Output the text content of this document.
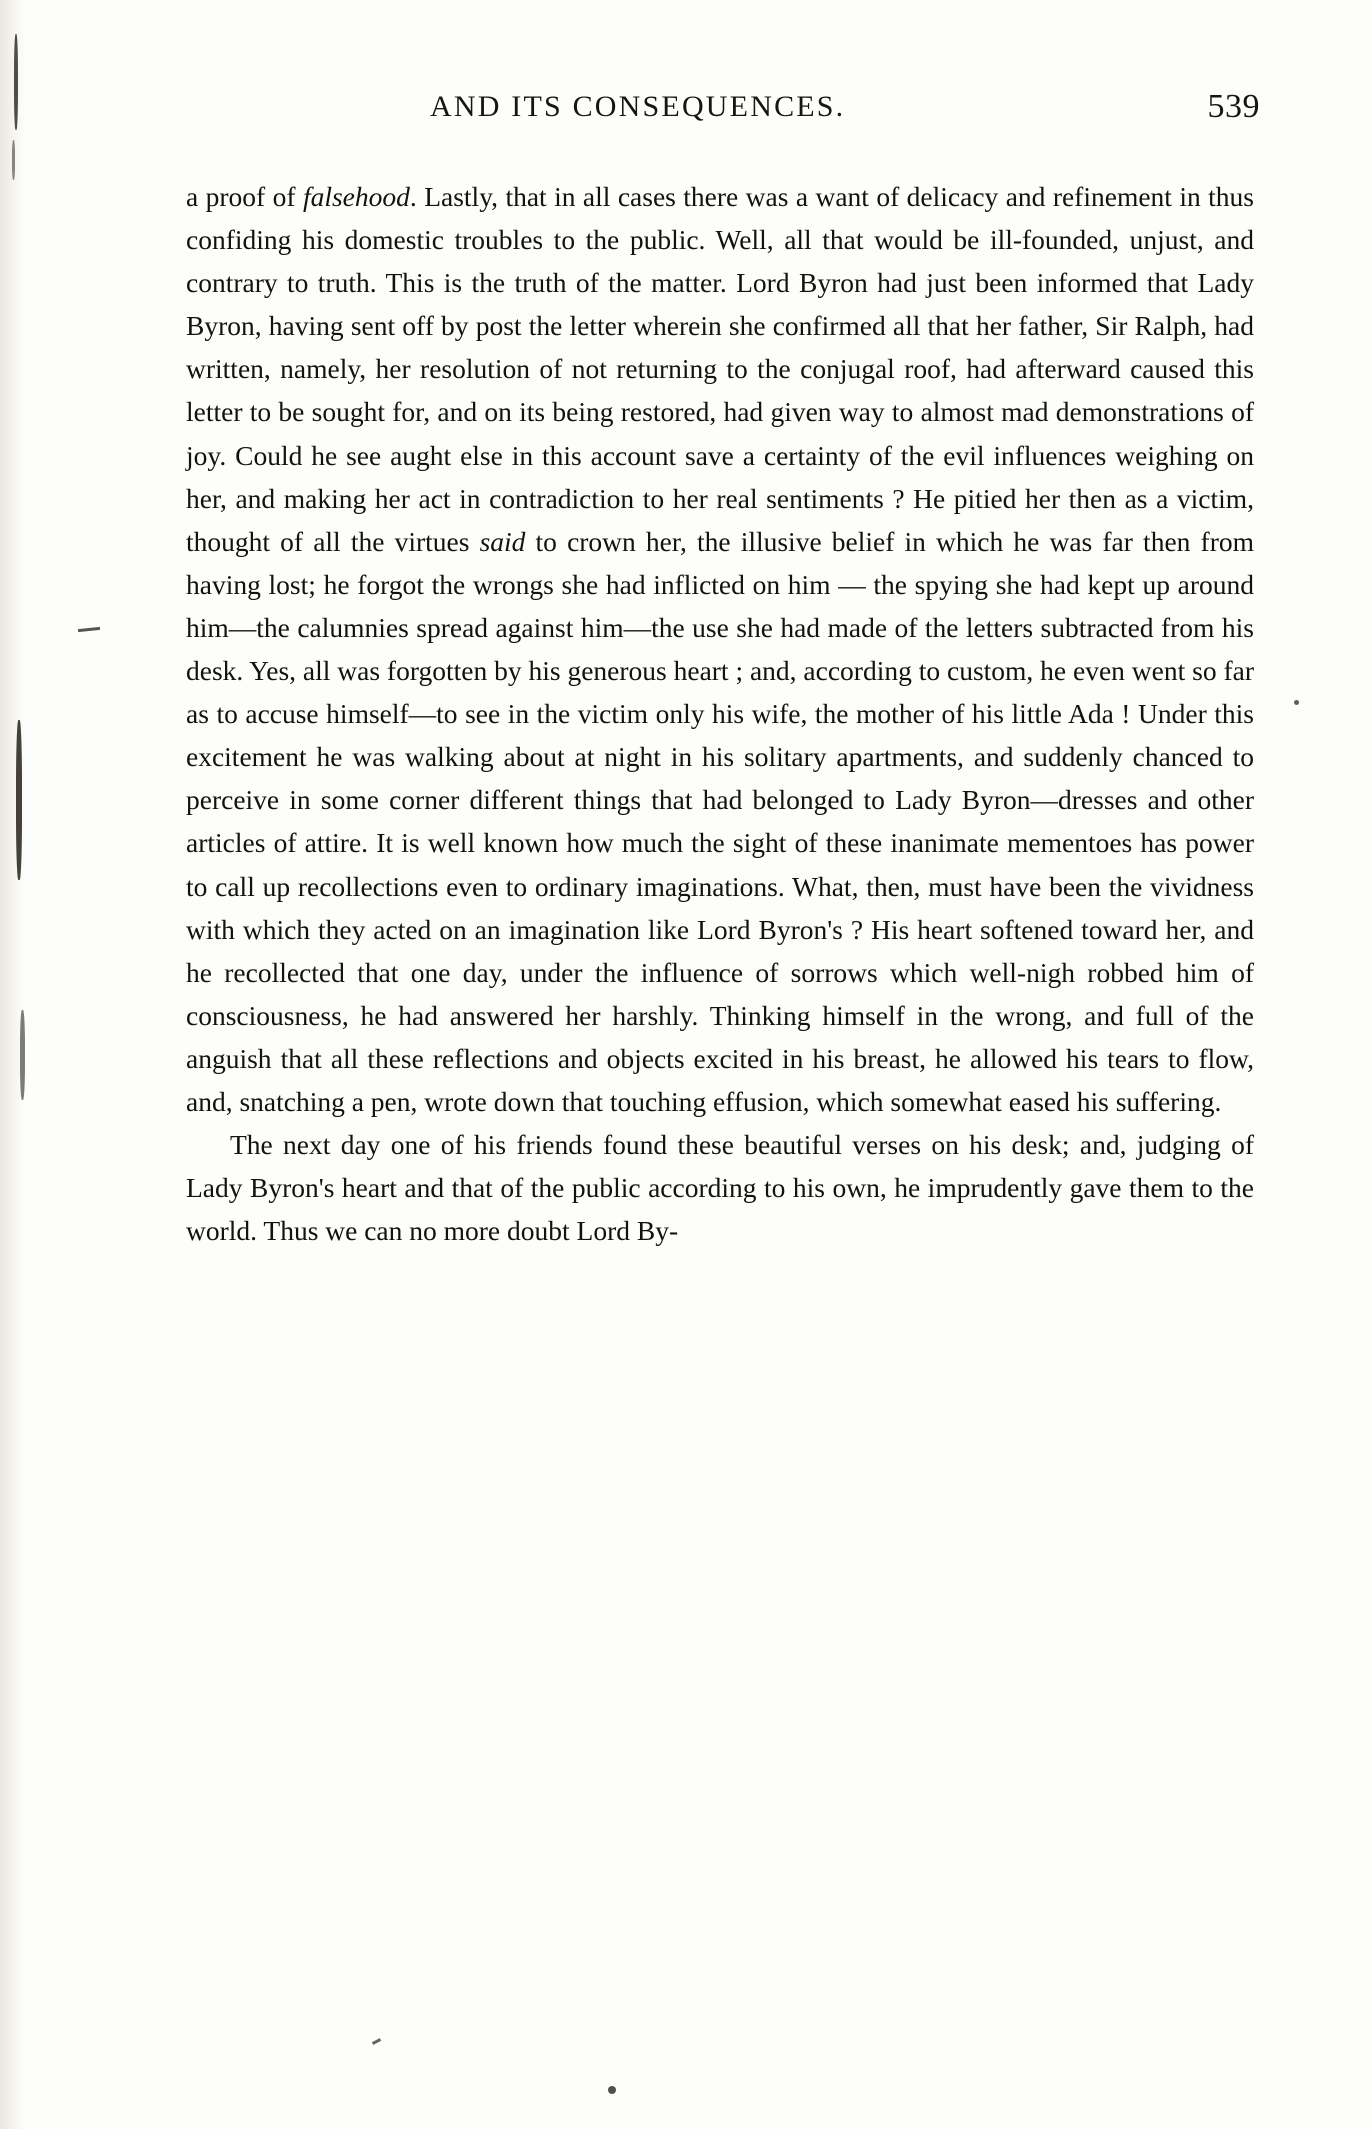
AND ITS CONSEQUENCES.	539

a proof of falsehood. Lastly, that in all cases there was a want of delicacy and refinement in thus confiding his domestic troubles to the public. Well, all that would be ill-founded, unjust, and contrary to truth. This is the truth of the matter. Lord Byron had just been informed that Lady Byron, having sent off by post the letter wherein she confirmed all that her father, Sir Ralph, had written, namely, her resolution of not returning to the conjugal roof, had afterward caused this letter to be sought for, and on its being restored, had given way to almost mad demonstrations of joy. Could he see aught else in this account save a certainty of the evil influences weighing on her, and making her act in contradiction to her real sentiments ? He pitied her then as a victim, thought of all the virtues said to crown her, the illusive belief in which he was far then from having lost; he forgot the wrongs she had inflicted on him — the spying she had kept up around him—the calumnies spread against him—the use she had made of the letters subtracted from his desk. Yes, all was forgotten by his generous heart ; and, according to custom, he even went so far as to accuse himself—to see in the victim only his wife, the mother of his little Ada ! Under this excitement he was walking about at night in his solitary apartments, and suddenly chanced to perceive in some corner different things that had belonged to Lady Byron—dresses and other articles of attire. It is well known how much the sight of these inanimate mementoes has power to call up recollections even to ordinary imaginations. What, then, must have been the vividness with which they acted on an imagination like Lord Byron's ? His heart softened toward her, and he recollected that one day, under the influence of sorrows which well-nigh robbed him of consciousness, he had answered her harshly. Thinking himself in the wrong, and full of the anguish that all these reflections and objects excited in his breast, he allowed his tears to flow, and, snatching a pen, wrote down that touching effusion, which somewhat eased his suffering.

The next day one of his friends found these beautiful verses on his desk; and, judging of Lady Byron's heart and that of the public according to his own, he imprudently gave them to the world. Thus we can no more doubt Lord By-
